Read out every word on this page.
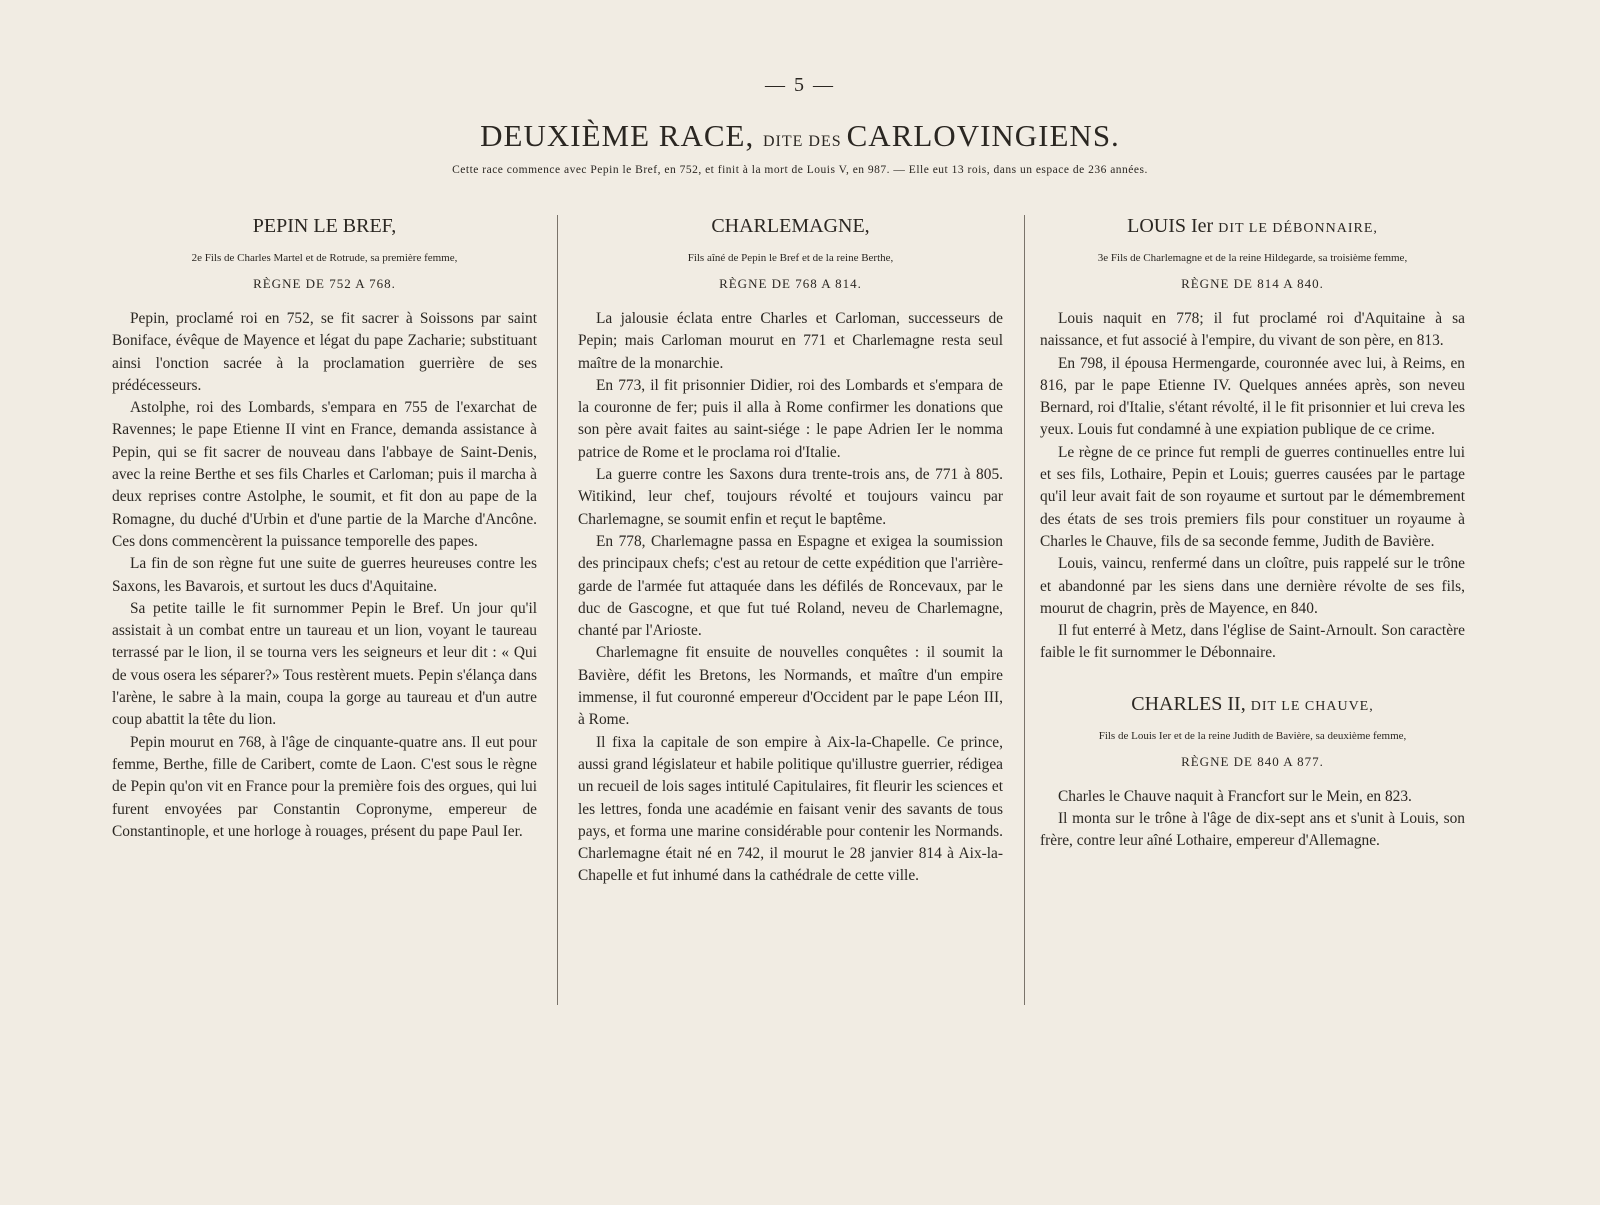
— 5 —
DEUXIÈME RACE, DITE DES CARLOVINGIENS.
Cette race commence avec Pepin le Bref, en 752, et finit à la mort de Louis V, en 987. — Elle eut 13 rois, dans un espace de 236 années.
PEPIN LE BREF,
2e Fils de Charles Martel et de Rotrude, sa première femme,
RÈGNE DE 752 A 768.

Pepin, proclamé roi en 752, se fit sacrer à Soissons par saint Boniface, évêque de Mayence et légat du pape Zacharie; substituant ainsi l'onction sacrée à la proclamation guerrière de ses prédécesseurs.

Astolphe, roi des Lombards, s'empara en 755 de l'exarchat de Ravennes; le pape Etienne II vint en France, demanda assistance à Pepin, qui se fit sacrer de nouveau dans l'abbaye de Saint-Denis, avec la reine Berthe et ses fils Charles et Carloman; puis il marcha à deux reprises contre Astolphe, le soumit, et fit don au pape de la Romagne, du duché d'Urbin et d'une partie de la Marche d'Ancône. Ces dons commencèrent la puissance temporelle des papes.

La fin de son règne fut une suite de guerres heureuses contre les Saxons, les Bavarois, et surtout les ducs d'Aquitaine.

Sa petite taille le fit surnommer Pepin le Bref. Un jour qu'il assistait à un combat entre un taureau et un lion, voyant le taureau terrassé par le lion, il se tourna vers les seigneurs et leur dit : « Qui de vous osera les séparer?» Tous restèrent muets. Pepin s'élança dans l'arène, le sabre à la main, coupa la gorge au taureau et d'un autre coup abattit la tête du lion.

Pepin mourut en 768, à l'âge de cinquante-quatre ans. Il eut pour femme, Berthe, fille de Caribert, comte de Laon. C'est sous le règne de Pepin qu'on vit en France pour la première fois des orgues, qui lui furent envoyées par Constantin Copronyme, empereur de Constantinople, et une horloge à rouages, présent du pape Paul Ier.

CHARLEMAGNE,
Fils aîné de Pepin le Bref et de la reine Berthe,
RÈGNE DE 768 A 814.

La jalousie éclata entre Charles et Carloman, successeurs de Pepin; mais Carloman mourut en 771 et Charlemagne resta seul maître de la monarchie.

En 773, il fit prisonnier Didier, roi des Lombards et s'empara de la couronne de fer; puis il alla à Rome confirmer les donations que son père avait faites au saint-siége : le pape Adrien Ier le nomma patrice de Rome et le proclama roi d'Italie.

La guerre contre les Saxons dura trente-trois ans, de 771 à 805. Witikind, leur chef, toujours révolté et toujours vaincu par Charlemagne, se soumit enfin et reçut le baptême.

En 778, Charlemagne passa en Espagne et exigea la soumission des principaux chefs; c'est au retour de cette expédition que l'arrière-garde de l'armée fut attaquée dans les défilés de Roncevaux, par le duc de Gascogne, et que fut tué Roland, neveu de Charlemagne, chanté par l'Arioste.

Charlemagne fit ensuite de nouvelles conquêtes : il soumit la Bavière, défit les Bretons, les Normands, et maître d'un empire immense, il fut couronné empereur d'Occident par le pape Léon III, à Rome.

Il fixa la capitale de son empire à Aix-la-Chapelle. Ce prince, aussi grand législateur et habile politique qu'illustre guerrier, rédigea un recueil de lois sages intitulé Capitulaires, fit fleurir les sciences et les lettres, fonda une académie en faisant venir des savants de tous pays, et forma une marine considérable pour contenir les Normands. Charlemagne était né en 742, il mourut le 28 janvier 814 à Aix-la-Chapelle et fut inhumé dans la cathédrale de cette ville.

LOUIS Ier DIT LE DÉBONNAIRE,
3e Fils de Charlemagne et de la reine Hildegarde, sa troisième femme,
RÈGNE DE 814 A 840.

Louis naquit en 778; il fut proclamé roi d'Aquitaine à sa naissance, et fut associé à l'empire, du vivant de son père, en 813.

En 798, il épousa Hermengarde, couronnée avec lui, à Reims, en 816, par le pape Etienne IV. Quelques années après, son neveu Bernard, roi d'Italie, s'étant révolté, il le fit prisonnier et lui creva les yeux. Louis fut condamné à une expiation publique de ce crime.

Le règne de ce prince fut rempli de guerres continuelles entre lui et ses fils, Lothaire, Pepin et Louis; guerres causées par le partage qu'il leur avait fait de son royaume et surtout par le démembrement des états de ses trois premiers fils pour constituer un royaume à Charles le Chauve, fils de sa seconde femme, Judith de Bavière.

Louis, vaincu, renfermé dans un cloître, puis rappelé sur le trône et abandonné par les siens dans une dernière révolte de ses fils, mourut de chagrin, près de Mayence, en 840.

Il fut enterré à Metz, dans l'église de Saint-Arnoult. Son caractère faible le fit surnommer le Débonnaire.

CHARLES II, DIT LE CHAUVE,
Fils de Louis Ier et de la reine Judith de Bavière, sa deuxième femme,
RÈGNE DE 840 A 877.

Charles le Chauve naquit à Francfort sur le Mein, en 823.

Il monta sur le trône à l'âge de dix-sept ans et s'unit à Louis, son frère, contre leur aîné Lothaire, empereur d'Allemagne.
